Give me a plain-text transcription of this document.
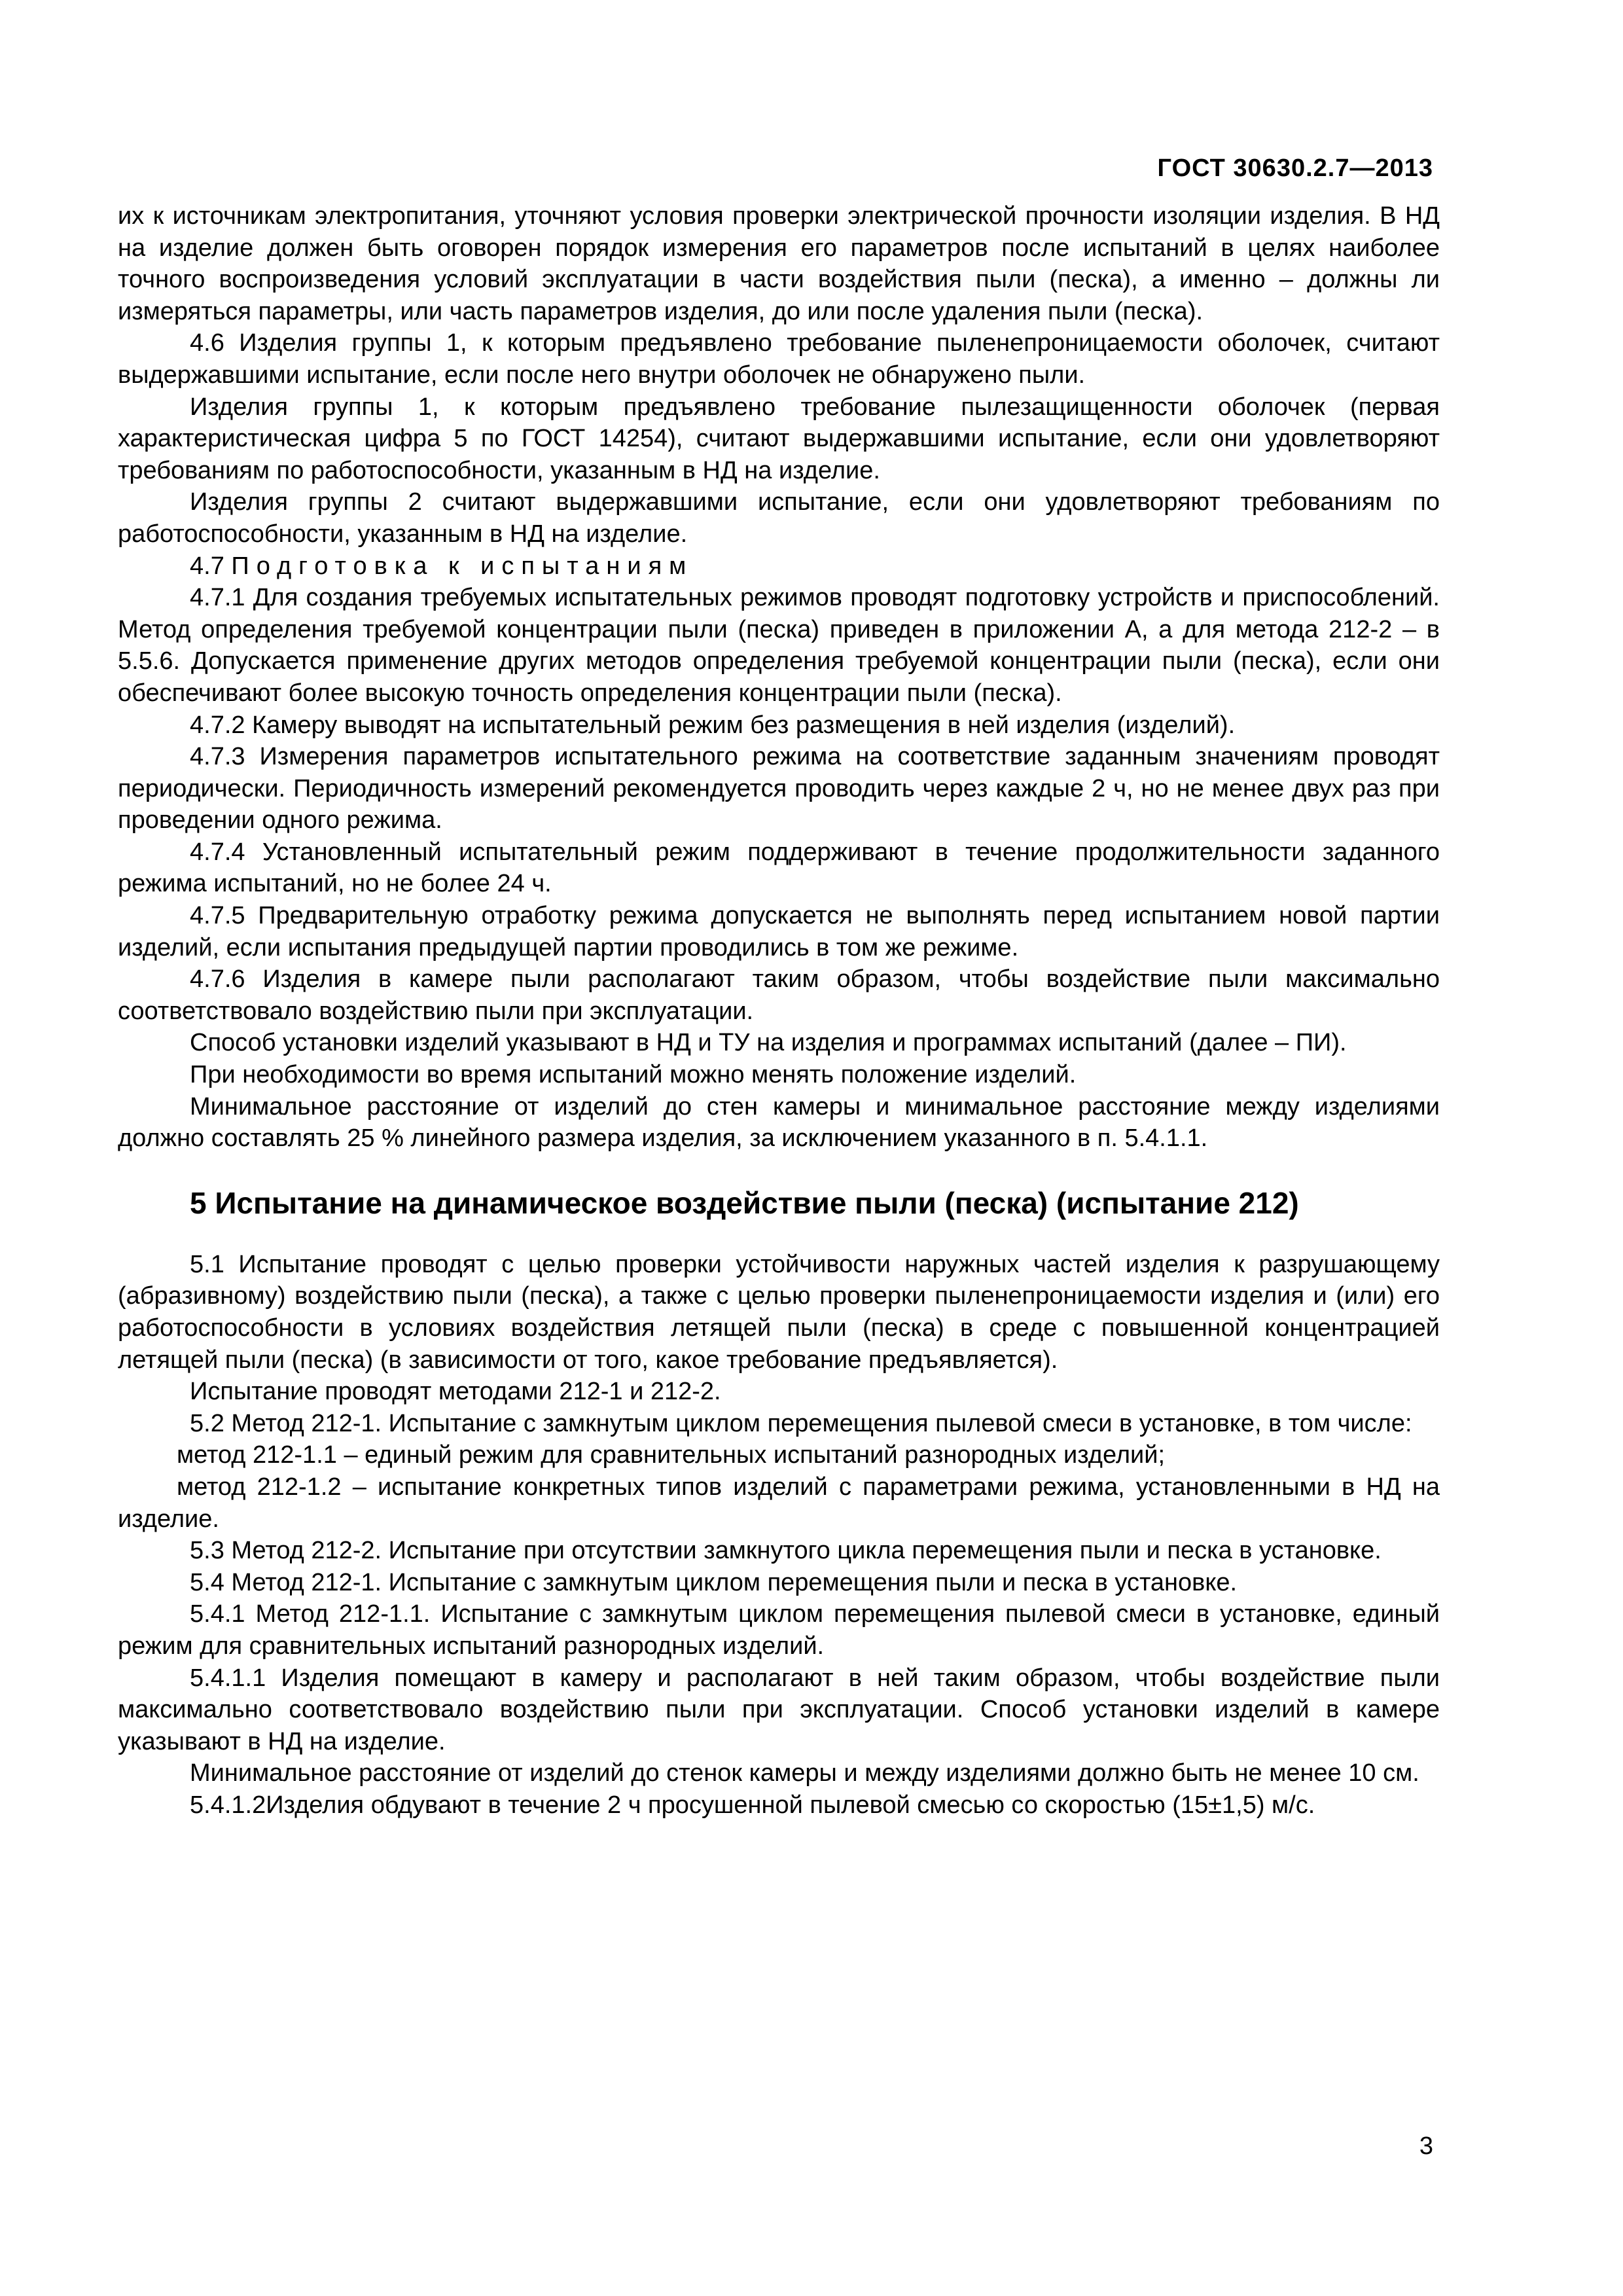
ГОСТ 30630.2.7—2013

их к источникам электропитания, уточняют условия проверки электрической прочности изоляции изделия. В НД на изделие должен быть оговорен порядок измерения его параметров после испытаний в целях наиболее точного воспроизведения условий эксплуатации в части воздействия пыли (песка), а именно – должны ли измеряться параметры, или часть параметров изделия, до или после удаления пыли (песка).

4.6 Изделия группы 1, к которым предъявлено требование пыленепроницаемости оболочек, считают выдержавшими испытание, если после него внутри оболочек не обнаружено пыли.

Изделия группы 1, к которым предъявлено требование пылезащищенности оболочек (первая характеристическая цифра 5 по ГОСТ 14254), считают выдержавшими испытание, если они удовлетворяют требованиям по работоспособности, указанным в НД на изделие.

Изделия группы 2 считают выдержавшими испытание, если они удовлетворяют требованиям по работоспособности, указанным в НД на изделие.

4.7 Подготовка к испытаниям

4.7.1 Для создания требуемых испытательных режимов проводят подготовку устройств и приспособлений. Метод определения требуемой концентрации пыли (песка) приведен в приложении А, а для метода 212-2 – в 5.5.6. Допускается применение других методов определения требуемой концентрации пыли (песка), если они обеспечивают более высокую точность определения концентрации пыли (песка).

4.7.2 Камеру выводят на испытательный режим без размещения в ней изделия (изделий).

4.7.3 Измерения параметров испытательного режима на соответствие заданным значениям проводят периодически. Периодичность измерений рекомендуется проводить через каждые 2 ч, но не менее двух раз при проведении одного режима.

4.7.4 Установленный испытательный режим поддерживают в течение продолжительности заданного режима испытаний, но не более 24 ч.

4.7.5 Предварительную отработку режима допускается не выполнять перед испытанием новой партии изделий, если испытания предыдущей партии проводились в том же режиме.

4.7.6 Изделия в камере пыли располагают таким образом, чтобы воздействие пыли максимально соответствовало воздействию пыли при эксплуатации.

Способ установки изделий указывают в НД и ТУ на изделия и программах испытаний (далее – ПИ).

При необходимости во время испытаний можно менять положение изделий.

Минимальное расстояние от изделий до стен камеры и минимальное расстояние между изделиями должно составлять 25 % линейного размера изделия, за исключением указанного в п. 5.4.1.1.

5 Испытание на динамическое воздействие пыли (песка) (испытание 212)

5.1 Испытание проводят с целью проверки устойчивости наружных частей изделия к разрушающему (абразивному) воздействию пыли (песка), а также с целью проверки пыленепроницаемости изделия и (или) его работоспособности в условиях воздействия летящей пыли (песка) в среде с повышенной концентрацией летящей пыли (песка) (в зависимости от того, какое требование предъявляется).

Испытание проводят методами 212-1 и 212-2.

5.2 Метод 212-1. Испытание с замкнутым циклом перемещения пылевой смеси в установке, в том числе:

метод 212-1.1 – единый режим для сравнительных испытаний разнородных изделий;

метод 212-1.2 – испытание конкретных типов изделий с параметрами режима, установленными в НД на изделие.

5.3 Метод 212-2. Испытание при отсутствии замкнутого цикла перемещения пыли и песка в установке.

5.4 Метод 212-1. Испытание с замкнутым циклом перемещения пыли и песка в установке.

5.4.1 Метод 212-1.1. Испытание с замкнутым циклом перемещения пылевой смеси в установке, единый режим для сравнительных испытаний разнородных изделий.

5.4.1.1 Изделия помещают в камеру и располагают в ней таким образом, чтобы воздействие пыли максимально соответствовало воздействию пыли при эксплуатации. Способ установки изделий в камере указывают в НД на изделие.

Минимальное расстояние от изделий до стенок камеры и между изделиями должно быть не менее 10 см.

5.4.1.2Изделия обдувают в течение 2 ч просушенной пылевой смесью со скоростью (15±1,5) м/с.

3
